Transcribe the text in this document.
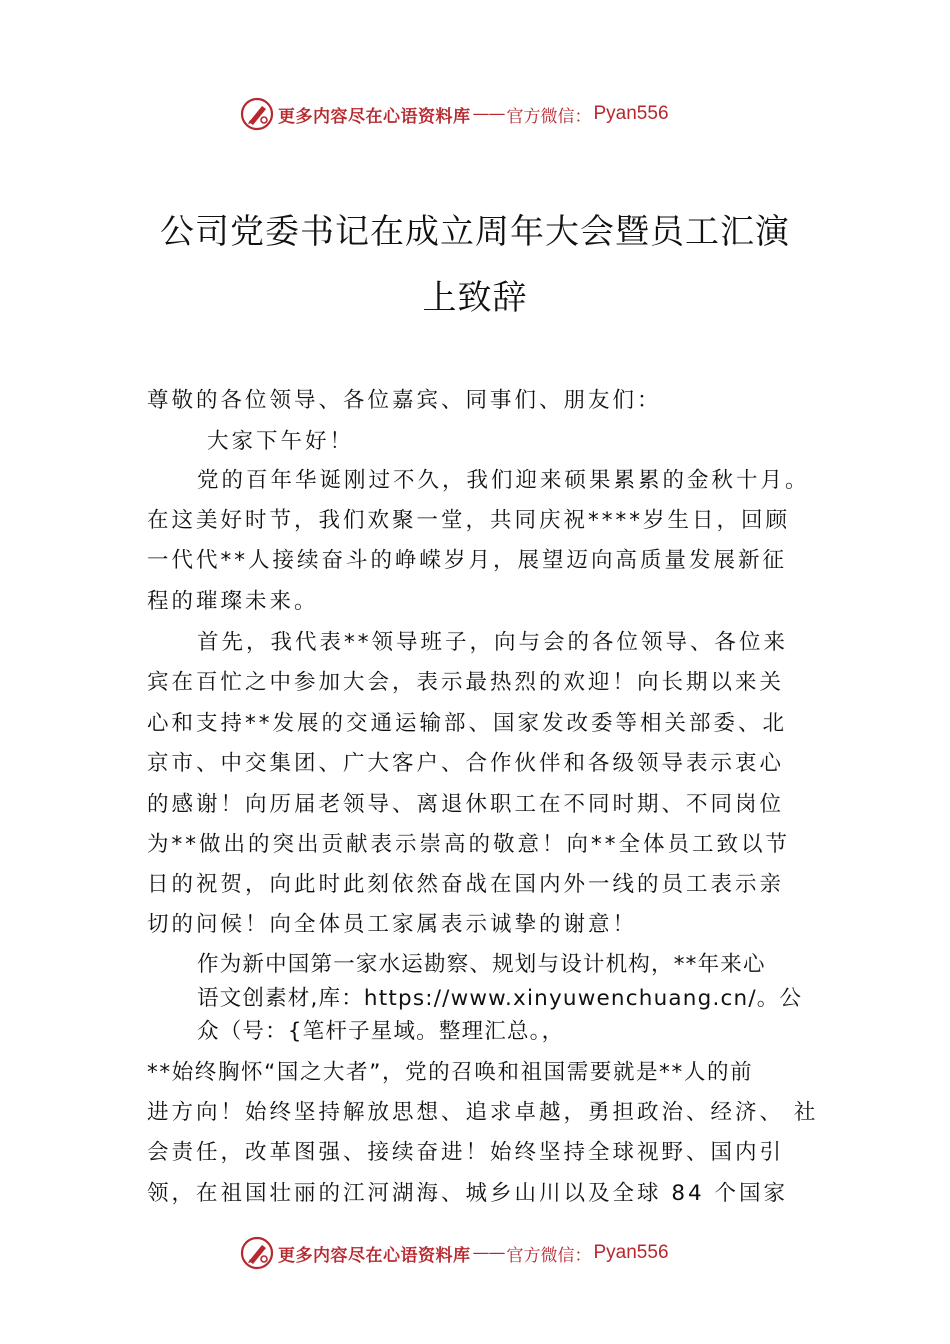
更多内容尽在心语资料库 —— 官方微信： Pyan556
公司党委书记在成立周年大会暨员工汇演
上致辞
尊敬的各位领导、各位嘉宾、同事们、朋友们：
大家下午好！
党的百年华诞刚过不久，我们迎来硕果累累的金秋十月。
在这美好时节，我们欢聚一堂，共同庆祝****岁生日，回顾
一代代**人接续奋斗的峥嵘岁月，展望迈向高质量发展新征
程的璀璨未来。
首先，我代表**领导班子，向与会的各位领导、各位来
宾在百忙之中参加大会，表示最热烈的欢迎！向长期以来关
心和支持**发展的交通运输部、国家发改委等相关部委、北
京市、中交集团、广大客户、合作伙伴和各级领导表示衷心
的感谢！向历届老领导、离退休职工在不同时期、不同岗位
为**做出的突出贡献表示崇高的敬意！向**全体员工致以节
日的祝贺，向此时此刻依然奋战在国内外一线的员工表示亲
切的问候！向全体员工家属表示诚挚的谢意！
作为新中国第一家水运勘察、规划与设计机构，**年来心
语文创素材,库：https://www.xinyuwenchuang.cn/。公
众（号：{笔杆子星域。整理汇总。，
**始终胸怀“国之大者”，党的召唤和祖国需要就是**人的前
进方向！始终坚持解放思想、追求卓越，勇担政治、经济、 社
会责任，改革图强、接续奋进！始终坚持全球视野、国内引
领，在祖国壮丽的江河湖海、城乡山川以及全球 84 个国家
更多内容尽在心语资料库 —— 官方微信： Pyan556
